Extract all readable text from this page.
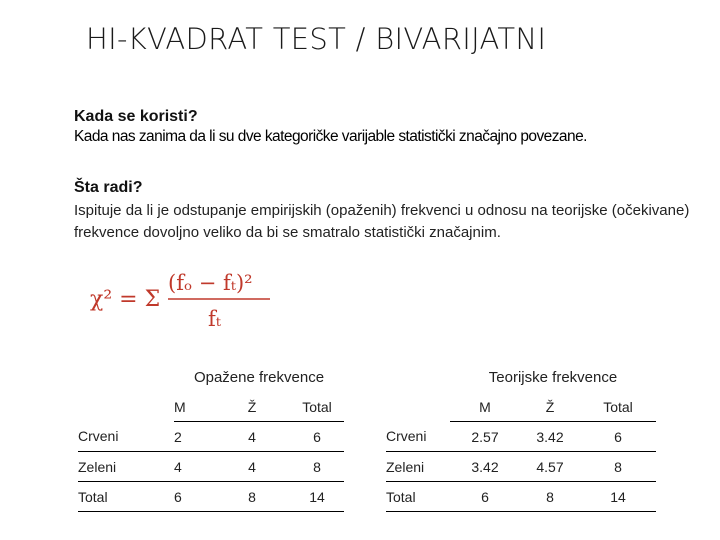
HI-KVADRAT TEST / BIVARIJATNI
Kada se koristi?
Kada nas zanima da li su dve kategoričke varijable statistički značajno povezane.
Šta radi?
Ispituje da li je odstupanje empirijskih (opaženih) frekvenci u odnosu na teorijske (očekivane) frekvence dovoljno veliko da bi se smatralo statistički značajnim.
χ² = Σ
(fₒ − fₜ)²
fₜ
	Opažene frekvence		
	M	Ž	Total
Crveni	2	4	6
Zeleni	4	4	8
Total	6	8	14
	Teorijske frekvence		
	M	Ž	Total
Crveni	2.57	3.42	6
Zeleni	3.42	4.57	8
Total	6	8	14
